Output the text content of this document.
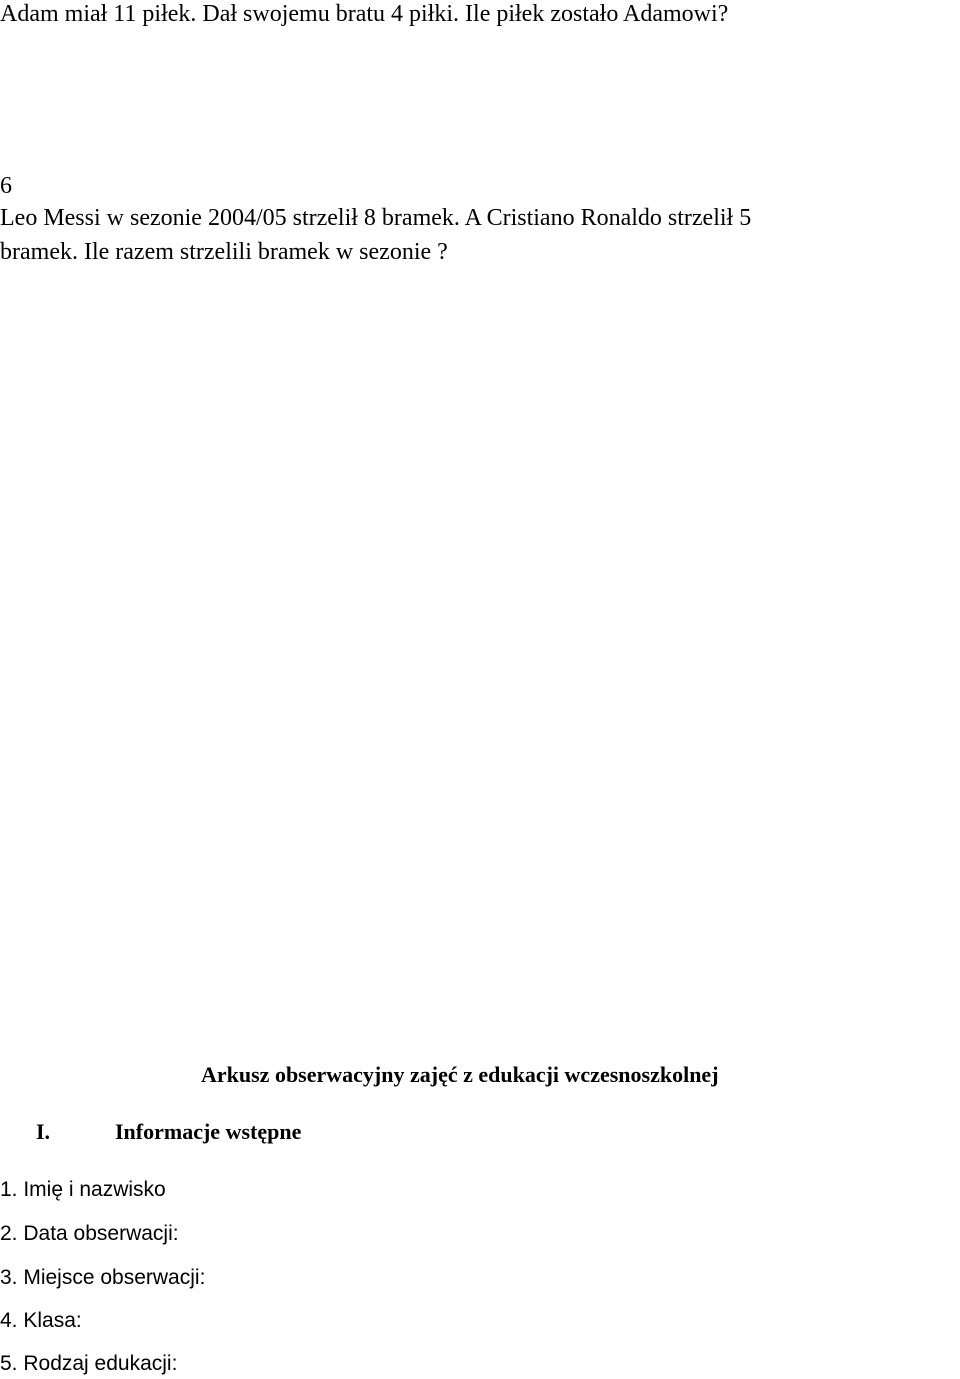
Adam miał 11 piłek. Dał swojemu bratu 4 piłki. Ile piłek zostało Adamowi?
6
Leo Messi w sezonie 2004/05 strzelił 8 bramek. A Cristiano Ronaldo strzelił 5
bramek. Ile razem strzelili bramek w sezonie ?
Arkusz obserwacyjny zajęć z edukacji wczesnoszkolnej
I.	Informacje wstępne
1. Imię i nazwisko
2. Data obserwacji:
3. Miejsce obserwacji:
4. Klasa:
5. Rodzaj edukacji:
